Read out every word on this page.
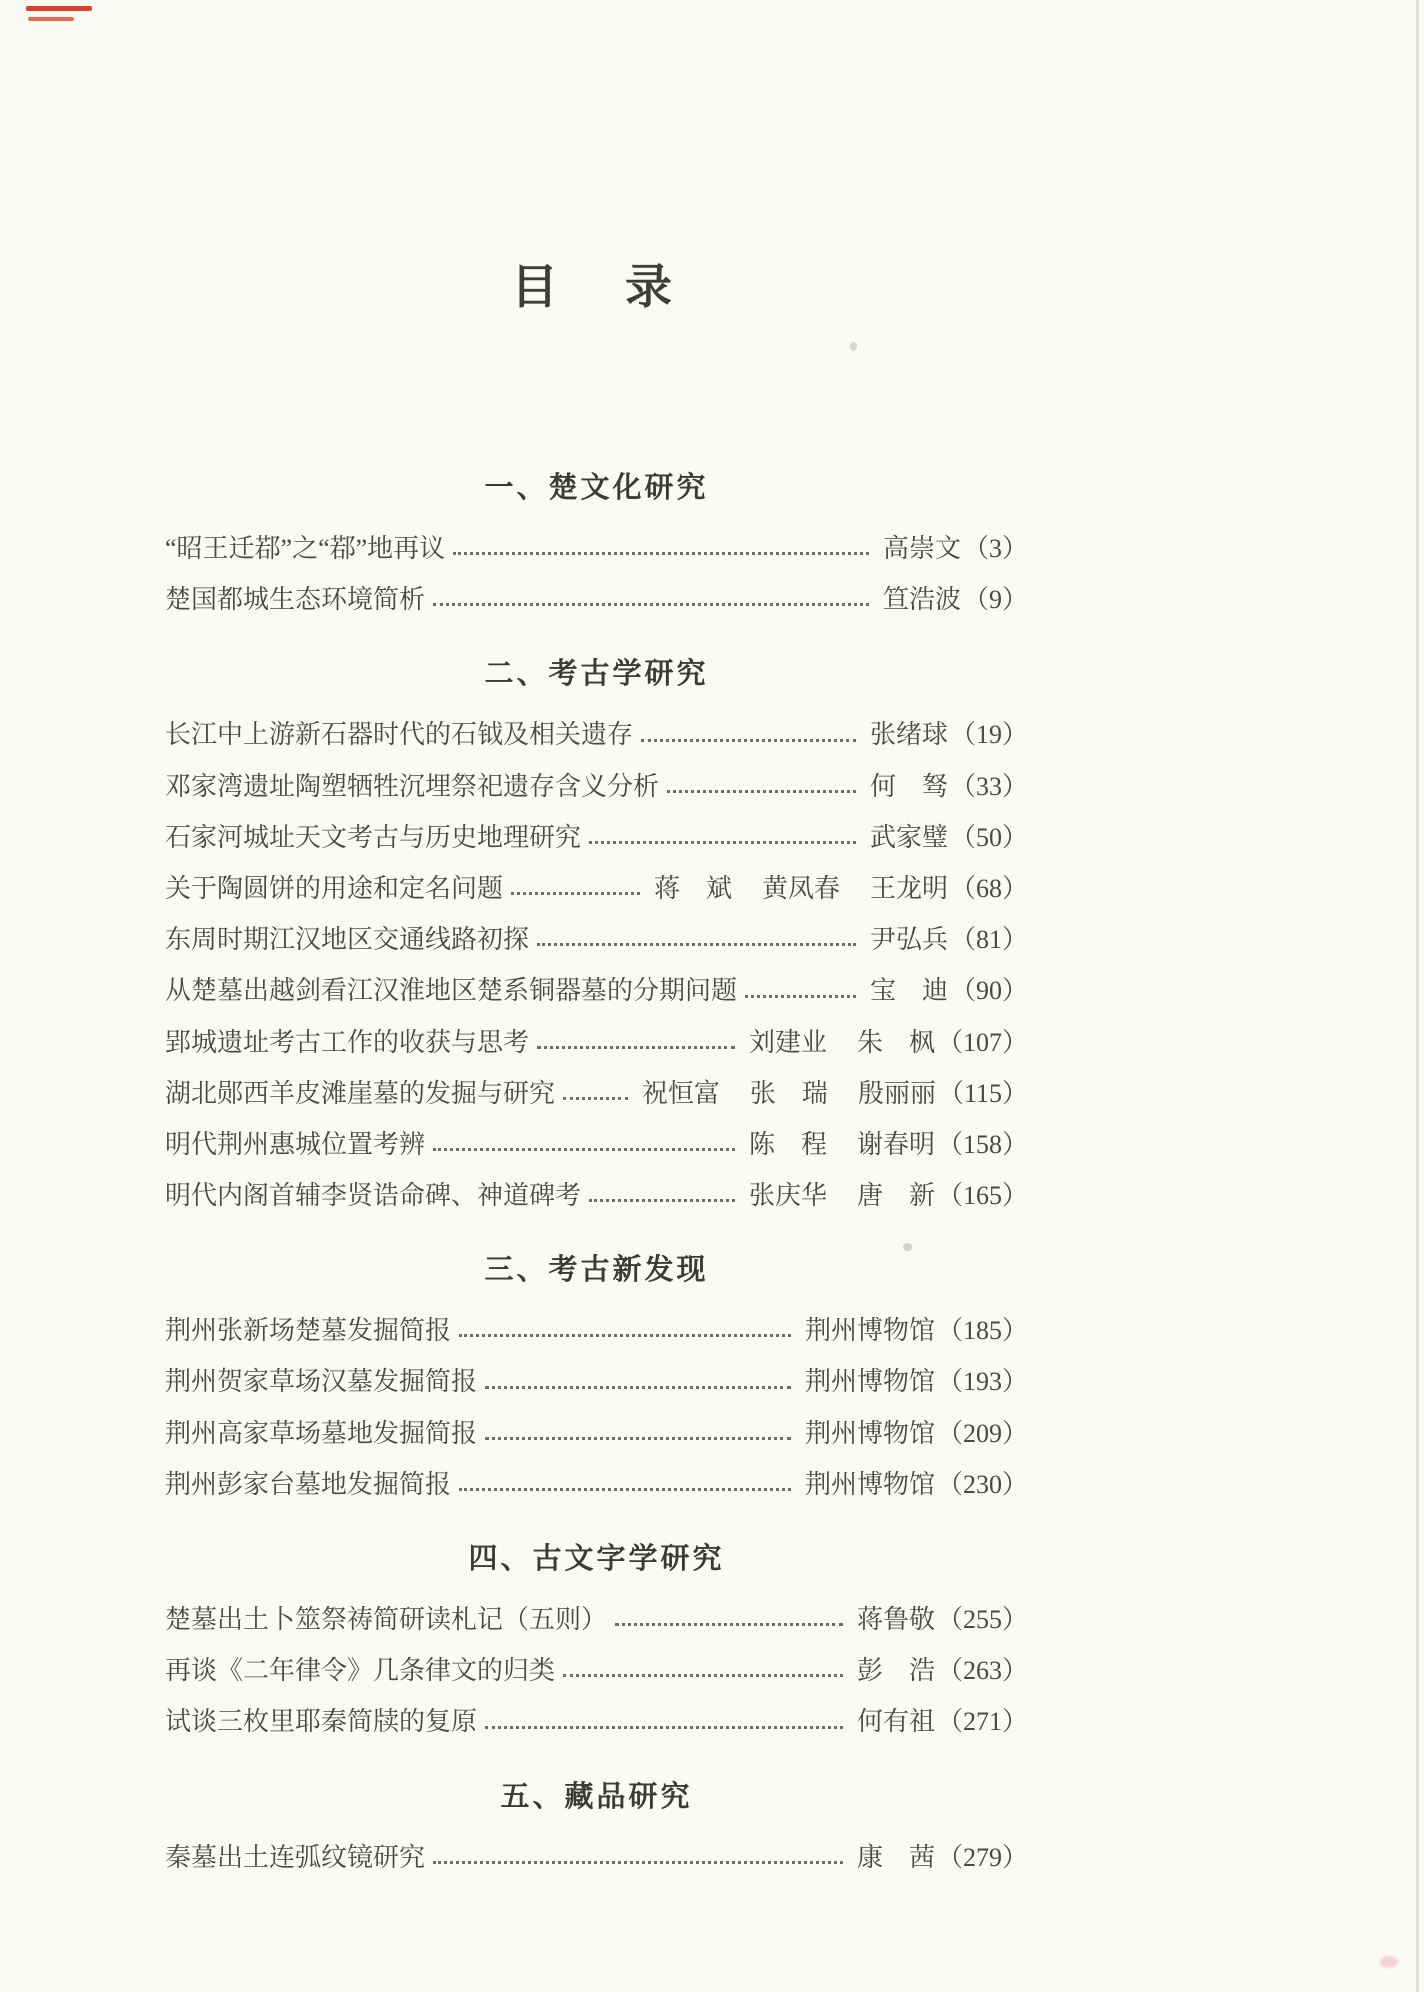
目　录
一、楚文化研究
“昭王迁鄀”之“鄀”地再议	高崇文 （3）
楚国都城生态环境简析	笪浩波 （9）
二、考古学研究
长江中上游新石器时代的石钺及相关遗存	张绪球 （19）
邓家湾遗址陶塑牺牲沉埋祭祀遗存含义分析	何　驽 （33）
石家河城址天文考古与历史地理研究	武家璧 （50）
关于陶圆饼的用途和定名问题	蒋　斌 黄凤春 王龙明 （68）
东周时期江汉地区交通线路初探	尹弘兵 （81）
从楚墓出越剑看江汉淮地区楚系铜器墓的分期问题	宝　迪 （90）
郢城遗址考古工作的收获与思考	刘建业 朱　枫 （107）
湖北郧西羊皮滩崖墓的发掘与研究	祝恒富 张　瑞 殷丽丽 （115）
明代荆州惠城位置考辨	陈　程 谢春明 （158）
明代内阁首辅李贤诰命碑、神道碑考	张庆华 唐　新 （165）
三、考古新发现
荆州张新场楚墓发掘简报	荆州博物馆 （185）
荆州贺家草场汉墓发掘简报	荆州博物馆 （193）
荆州高家草场墓地发掘简报	荆州博物馆 （209）
荆州彭家台墓地发掘简报	荆州博物馆 （230）
四、古文字学研究
楚墓出土卜筮祭祷简研读札记（五则）	蒋鲁敬 （255）
再谈《二年律令》几条律文的归类	彭　浩 （263）
试谈三枚里耶秦简牍的复原	何有祖 （271）
五、藏品研究
秦墓出土连弧纹镜研究	康　茜 （279）
